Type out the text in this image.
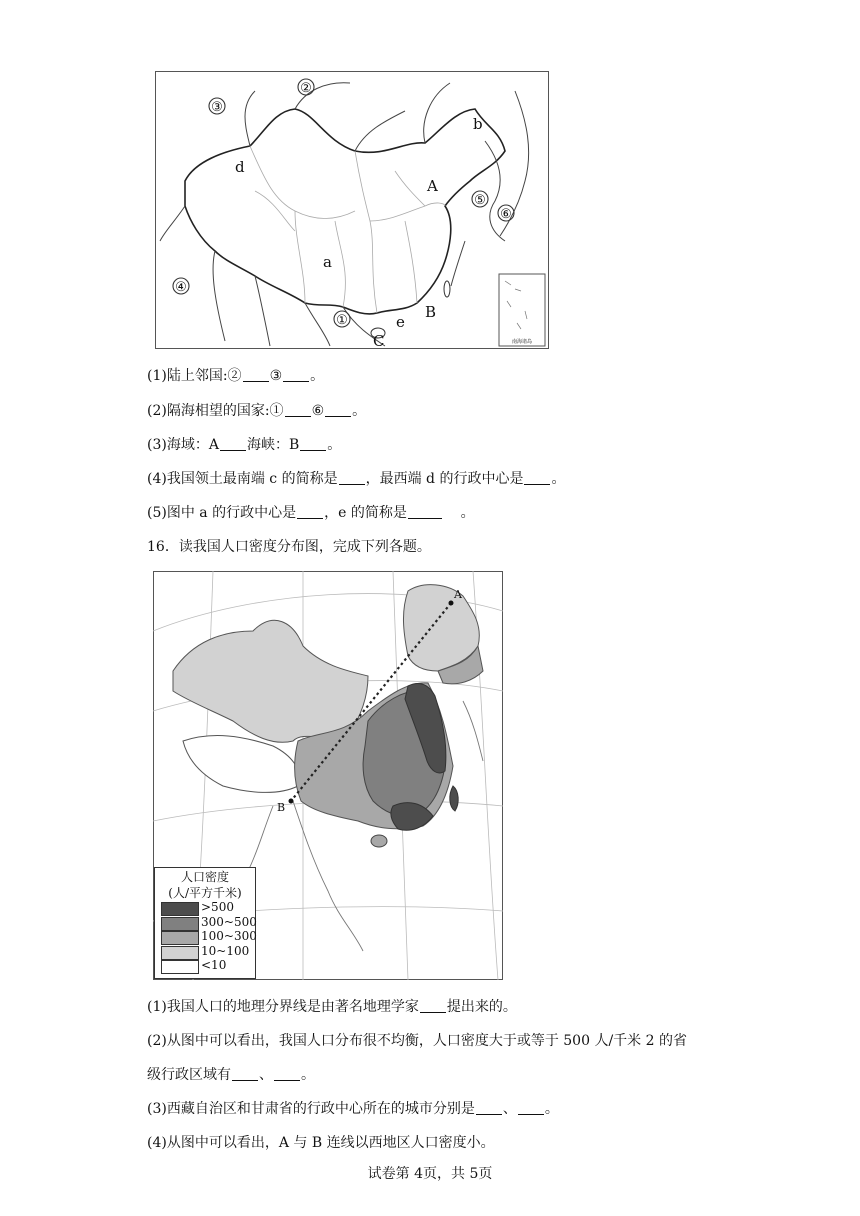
南海诸岛
②
③
④
①
⑤
⑥
b
d
A
a
e
B
C
(1)陆上邻国:② ③ 。
(2)隔海相望的国家:① ⑥ 。
(3)海域：A 海峡：B 。
(4)我国领土最南端 c 的简称是 ，最西端 d 的行政中心是 。
(5)图中 a 的行政中心是 ，e 的简称是	。
16．读我国人口密度分布图，完成下列各题。
A
B
人口密度
(人/平方千米)
>500
300~500
100~300
10~100
<10
(1)我国人口的地理分界线是由著名地理学家 提出来的。
(2)从图中可以看出，我国人口分布很不均衡，人口密度大于或等于 500 人/千米 2 的省
级行政区域有 、 。
(3)西藏自治区和甘肃省的行政中心所在的城市分别是 、 。
(4)从图中可以看出，A 与 B 连线以西地区人口密度小。
试卷第 4页，共 5页
